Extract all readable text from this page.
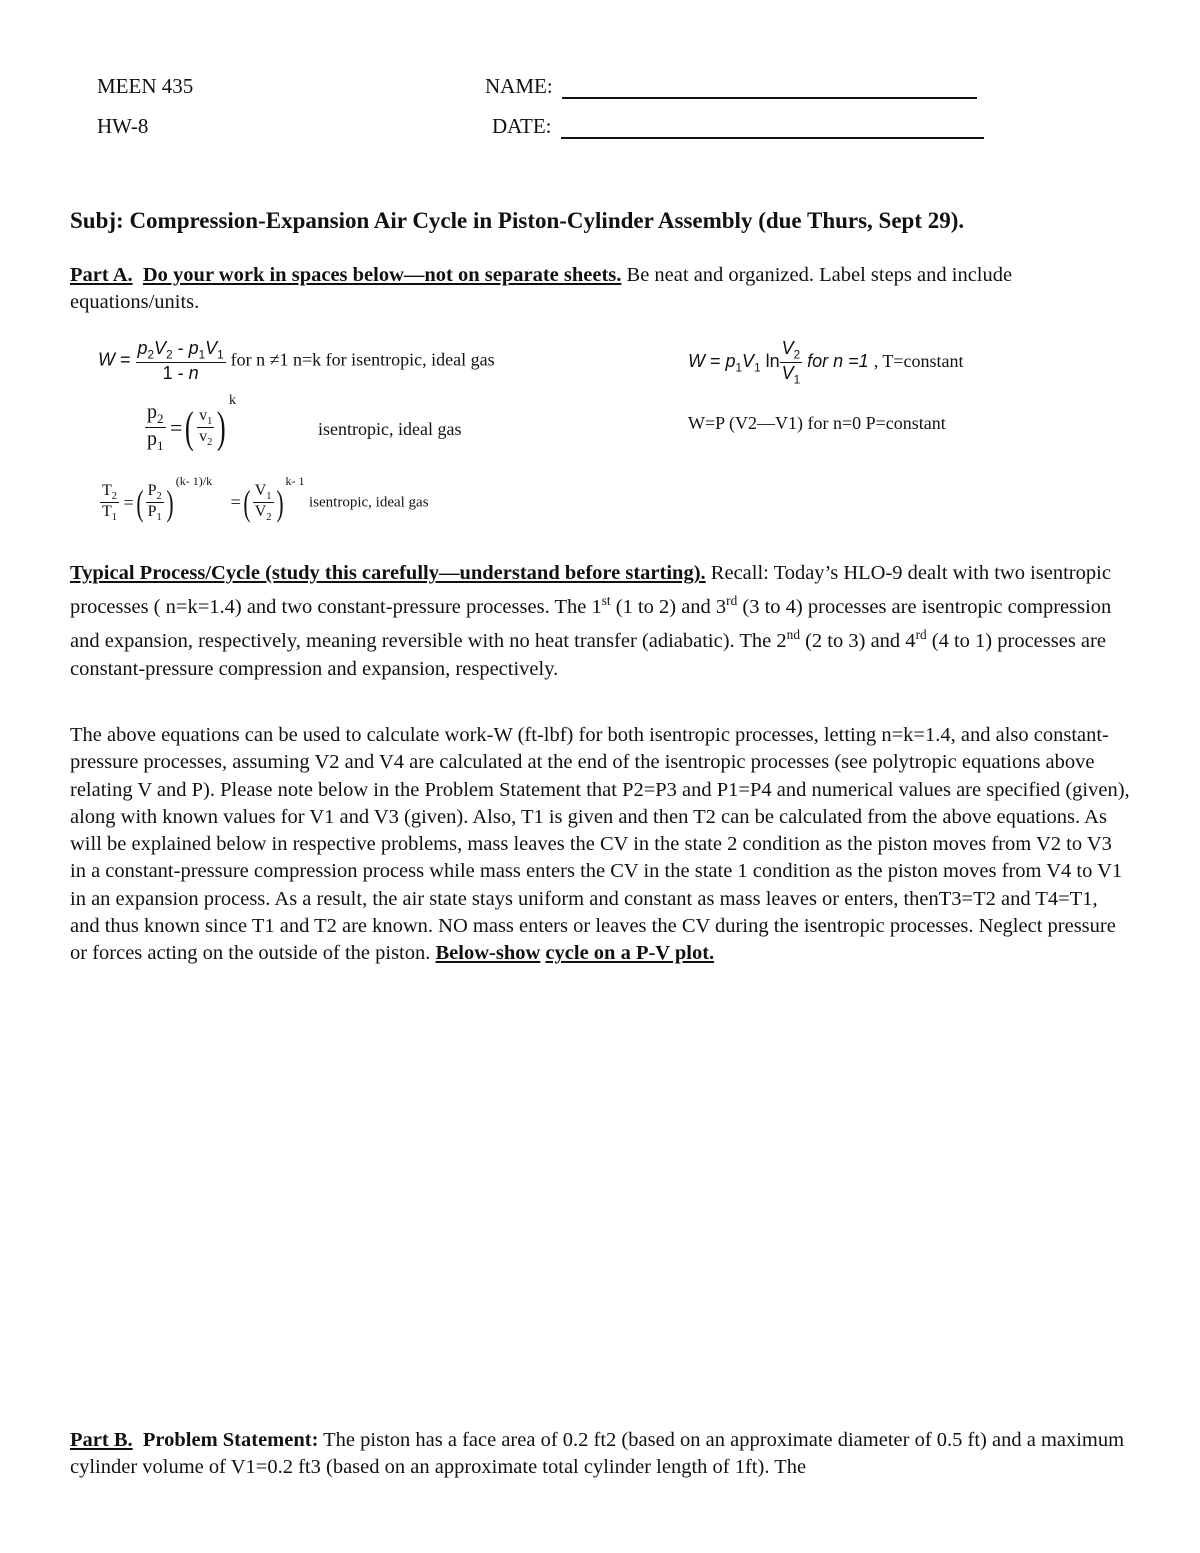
MEEN 435
HW-8
NAME:
DATE:
Subj: Compression-Expansion Air Cycle in Piston-Cylinder Assembly (due Thurs, Sept 29).

Part A. Do your work in spaces below—not on separate sheets. Be neat and organized. Label steps and include equations/units.

$W = \frac{p_2V_2 - p_1V_1}{1 - n}$ for n ≠1 n=k for isentropic, ideal gas	$W = p_1V_1$ $\ln \frac{V_2}{V_1}$ for n =1 , T=constant
$\frac{p_2}{p_1}$ =( $\frac{v_1}{v_2} )^k$
isentropic, ideal gas	W=P (V2—V1) for n=0 P=constant
$\frac{T_2}{T_1}$ =( $\frac{P_2}{P_1} )^{(k- 1)/k}$ =( $\frac{V_1}{V_2} )^{k- 1}$ isentropic, ideal gas

Typical Process/Cycle (study this carefully—understand before starting). Recall: Today’s HLO-9 dealt with two isentropic processes ( n=k=1.4) and two constant-pressure processes. The 1st (1 to 2) and 3rd (3 to 4) processes are isentropic compression and expansion, respectively, meaning reversible with no heat transfer (adiabatic). The 2nd (2 to 3) and 4rd (4 to 1) processes are constant-pressure compression and expansion, respectively.

The above equations can be used to calculate work-W (ft-lbf) for both isentropic processes, letting n=k=1.4, and also constant-pressure processes, assuming V2 and V4 are calculated at the end of the isentropic processes (see polytropic equations above relating V and P). Please note below in the Problem Statement that P2=P3 and P1=P4 and numerical values are specified (given), along with known values for V1 and V3 (given). Also, T1 is given and then T2 can be calculated from the above equations. As will be explained below in respective problems, mass leaves the CV in the state 2 condition as the piston moves from V2 to V3 in a constant-pressure compression process while mass enters the CV in the state 1 condition as the piston moves from V4 to V1 in an expansion process. As a result, the air state stays uniform and constant as mass leaves or enters, thenT3=T2 and T4=T1, and thus known since T1 and T2 are known. NO mass enters or leaves the CV during the isentropic processes. Neglect pressure or forces acting on the outside of the piston. Below-show cycle on a P-V plot.

Part B. Problem Statement: The piston has a face area of 0.2 ft2 (based on an approximate diameter of 0.5 ft) and a maximum cylinder volume of V1=0.2 ft3 (based on an approximate total cylinder length of 1ft). The
